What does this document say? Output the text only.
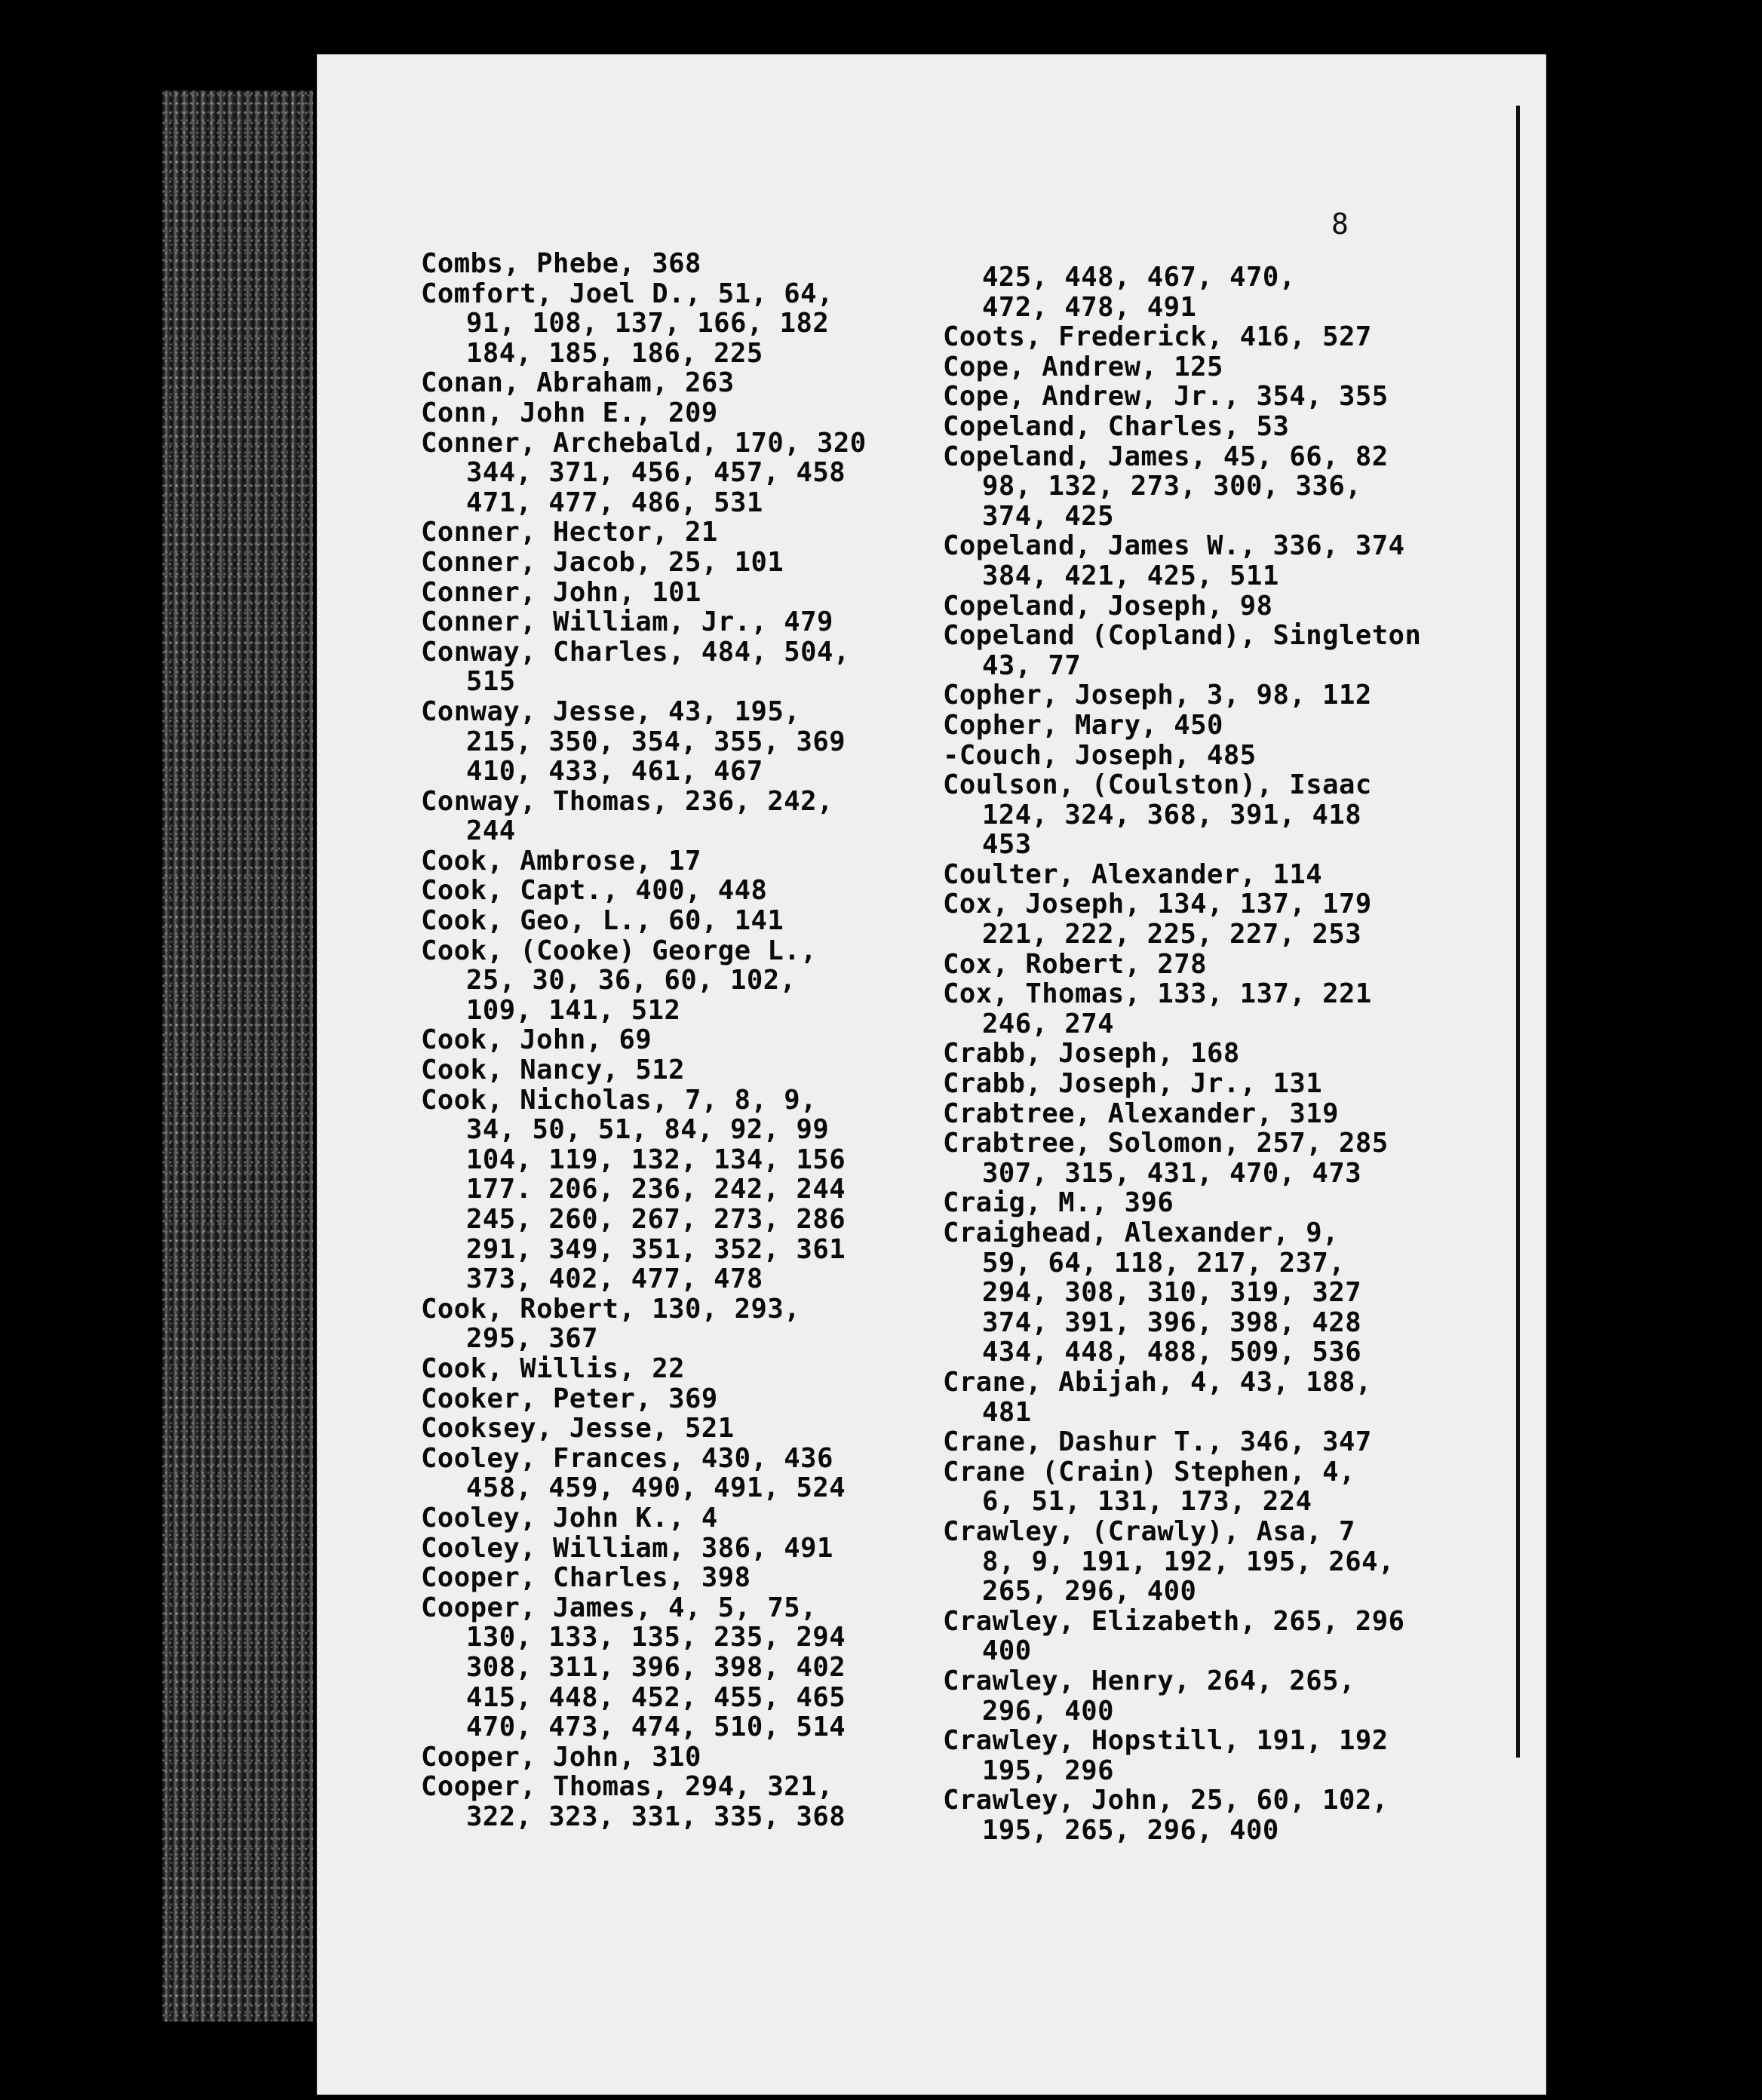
8
Combs, Phebe, 368
Comfort, Joel D., 51, 64,
91, 108, 137, 166, 182
184, 185, 186, 225
Conan, Abraham, 263
Conn, John E., 209
Conner, Archebald, 170, 320
344, 371, 456, 457, 458
471, 477, 486, 531
Conner, Hector, 21
Conner, Jacob, 25, 101
Conner, John, 101
Conner, William, Jr., 479
Conway, Charles, 484, 504,
515
Conway, Jesse, 43, 195,
215, 350, 354, 355, 369
410, 433, 461, 467
Conway, Thomas, 236, 242,
244
Cook, Ambrose, 17
Cook, Capt., 400, 448
Cook, Geo, L., 60, 141
Cook, (Cooke) George L.,
25, 30, 36, 60, 102,
109, 141, 512
Cook, John, 69
Cook, Nancy, 512
Cook, Nicholas, 7, 8, 9,
34, 50, 51, 84, 92, 99
104, 119, 132, 134, 156
177. 206, 236, 242, 244
245, 260, 267, 273, 286
291, 349, 351, 352, 361
373, 402, 477, 478
Cook, Robert, 130, 293,
295, 367
Cook, Willis, 22
Cooker, Peter, 369
Cooksey, Jesse, 521
Cooley, Frances, 430, 436
458, 459, 490, 491, 524
Cooley, John K., 4
Cooley, William, 386, 491
Cooper, Charles, 398
Cooper, James, 4, 5, 75,
130, 133, 135, 235, 294
308, 311, 396, 398, 402
415, 448, 452, 455, 465
470, 473, 474, 510, 514
Cooper, John, 310
Cooper, Thomas, 294, 321,
322, 323, 331, 335, 368
425, 448, 467, 470,
472, 478, 491
Coots, Frederick, 416, 527
Cope, Andrew, 125
Cope, Andrew, Jr., 354, 355
Copeland, Charles, 53
Copeland, James, 45, 66, 82
98, 132, 273, 300, 336,
374, 425
Copeland, James W., 336, 374
384, 421, 425, 511
Copeland, Joseph, 98
Copeland (Copland), Singleton
43, 77
Copher, Joseph, 3, 98, 112
Copher, Mary, 450
-Couch, Joseph, 485
Coulson, (Coulston), Isaac
124, 324, 368, 391, 418
453
Coulter, Alexander, 114
Cox, Joseph, 134, 137, 179
221, 222, 225, 227, 253
Cox, Robert, 278
Cox, Thomas, 133, 137, 221
246, 274
Crabb, Joseph, 168
Crabb, Joseph, Jr., 131
Crabtree, Alexander, 319
Crabtree, Solomon, 257, 285
307, 315, 431, 470, 473
Craig, M., 396
Craighead, Alexander, 9,
59, 64, 118, 217, 237,
294, 308, 310, 319, 327
374, 391, 396, 398, 428
434, 448, 488, 509, 536
Crane, Abijah, 4, 43, 188,
481
Crane, Dashur T., 346, 347
Crane (Crain) Stephen, 4,
6, 51, 131, 173, 224
Crawley, (Crawly), Asa, 7
8, 9, 191, 192, 195, 264,
265, 296, 400
Crawley, Elizabeth, 265, 296
400
Crawley, Henry, 264, 265,
296, 400
Crawley, Hopstill, 191, 192
195, 296
Crawley, John, 25, 60, 102,
195, 265, 296, 400
